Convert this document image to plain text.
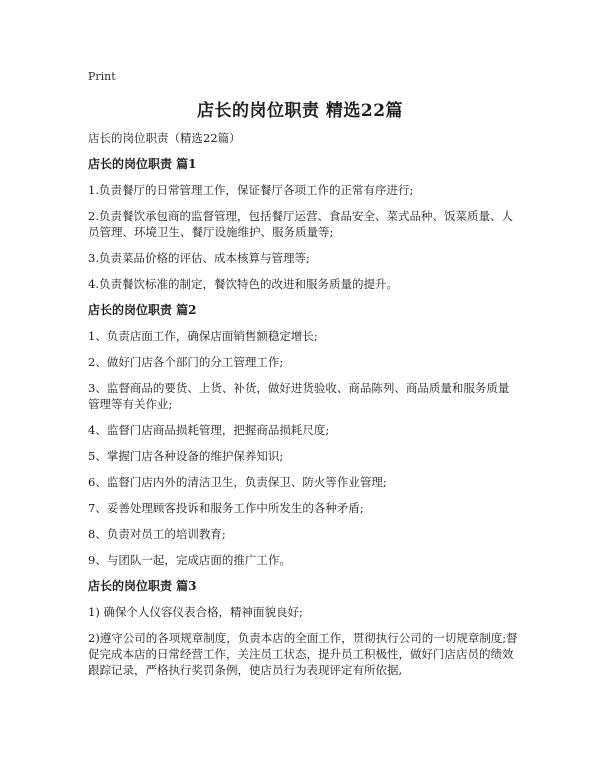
Print
店长的岗位职责 精选22篇

店长的岗位职责（精选22篇）

店长的岗位职责 篇1

1.负责餐厅的日常管理工作，保证餐厅各项工作的正常有序进行;

2.负责餐饮承包商的监督管理，包括餐厅运营、食品安全、菜式品种、饭菜质量、人员管理、环境卫生、餐厅设施维护、服务质量等;

3.负责菜品价格的评估、成本核算与管理等;

4.负责餐饮标准的制定，餐饮特色的改进和服务质量的提升。

店长的岗位职责 篇2

1、负责店面工作，确保店面销售额稳定增长;

2、做好门店各个部门的分工管理工作;

3、监督商品的要货、上货、补货，做好进货验收、商品陈列、商品质量和服务质量管理等有关作业;

4、监督门店商品损耗管理，把握商品损耗尺度;

5、掌握门店各种设备的维护保养知识;

6、监督门店内外的清洁卫生，负责保卫、防火等作业管理;

7、妥善处理顾客投诉和服务工作中所发生的各种矛盾;

8、负责对员工的培训教育;

9、与团队一起，完成店面的推广工作。

店长的岗位职责 篇3

1) 确保个人仪容仪表合格，精神面貌良好;

2)遵守公司的各项规章制度，负责本店的全面工作，贯彻执行公司的一切规章制度;督促完成本店的日常经营工作，关注员工状态，提升员工积极性，做好门店店员的绩效跟踪记录，严格执行奖罚条例，使店员行为表现评定有所依据,
